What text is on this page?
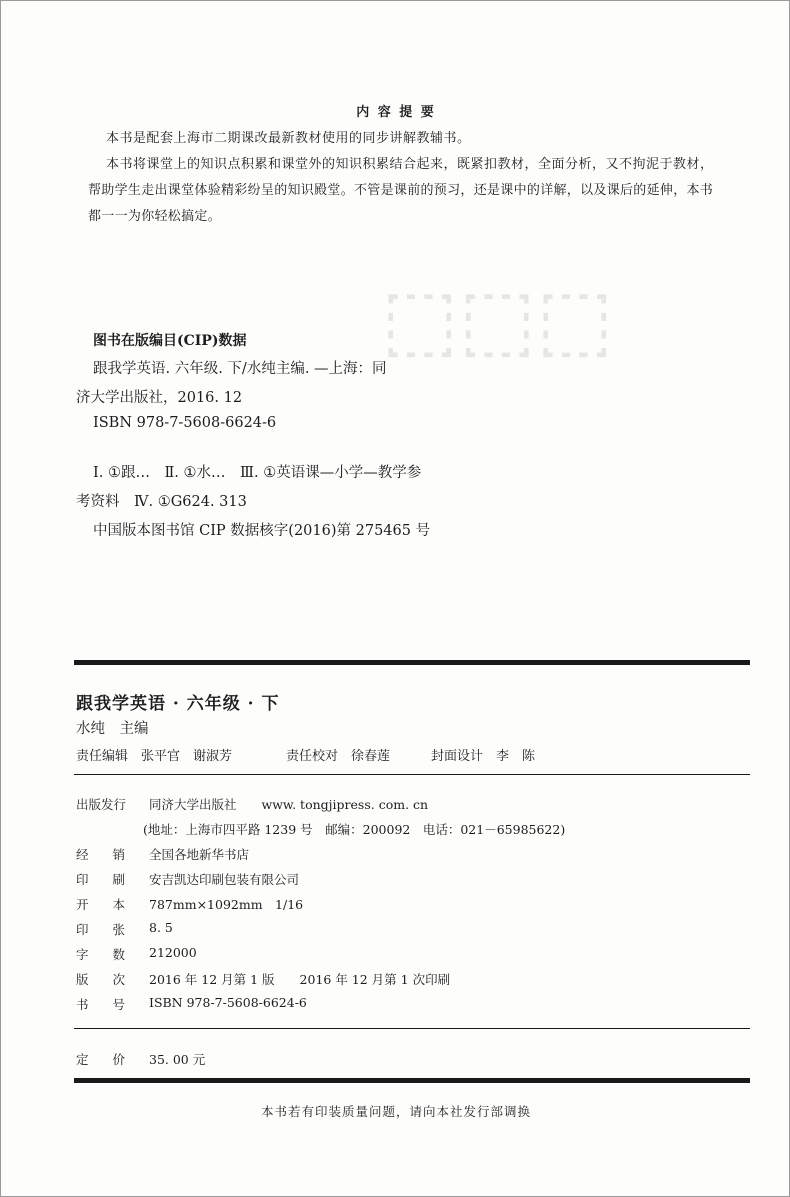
⬚⬚⬚
内 容 提 要
本书是配套上海市二期课改最新教材使用的同步讲解教辅书。
本书将课堂上的知识点积累和课堂外的知识积累结合起来，既紧扣教材，全面分析，又不拘泥于教材，
帮助学生走出课堂体验精彩纷呈的知识殿堂。不管是课前的预习，还是课中的详解，以及课后的延伸，本书
都一一为你轻松搞定。
图书在版编目(CIP)数据
跟我学英语. 六年级. 下/水纯主编. —上海：同
济大学出版社，2016. 12
ISBN 978-7-5608-6624-6
Ⅰ. ①跟…　Ⅱ. ①水…　Ⅲ. ①英语课—小学—教学参
考资料　Ⅳ. ①G624. 313
中国版本图书馆 CIP 数据核字(2016)第 275465 号
跟我学英语 · 六年级 · 下
水纯　主编
责任编辑　张平官　谢淑芳	责任校对　徐春莲	封面设计　李　陈
出版发行 同济大学出版社　　www. tongjipress. com. cn
(地址：上海市四平路 1239 号　邮编：200092　电话：021－65985622)
经销 全国各地新华书店
印刷 安吉凯达印刷包装有限公司
开本 787mm×1092mm　1/16
印张 8. 5
字数 212000
版次 2016 年 12 月第 1 版　　2016 年 12 月第 1 次印刷
书号 ISBN 978-7-5608-6624-6
定价 35. 00 元
本书若有印装质量问题，请向本社发行部调换
